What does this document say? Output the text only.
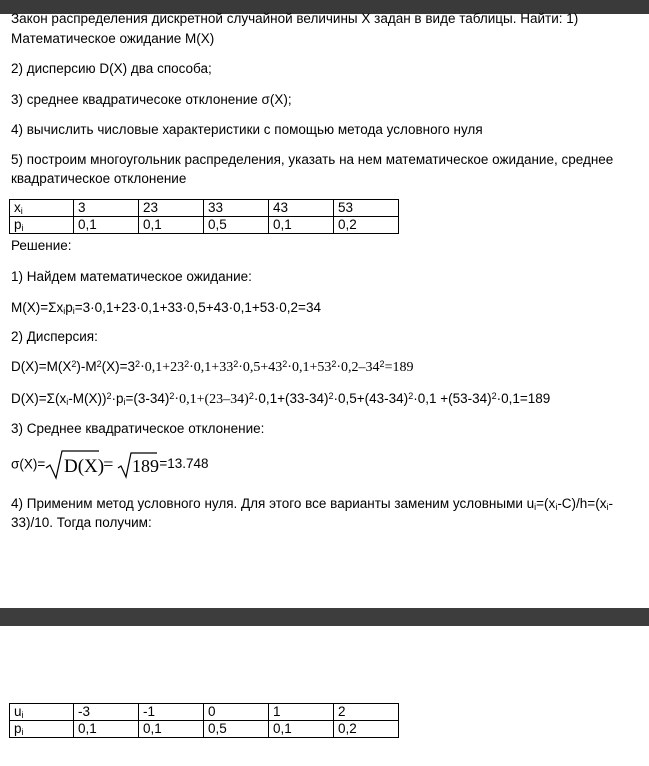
Закон распределения дискретной случайной величины X задан в виде таблицы. Найти: 1)
Математическое ожидание M(X)
2) дисперсию D(X) два способа;
3) среднее квадратичесоке отклонение σ(X);
4) вычислить числовые характеристики с помощью метода условного нуля
5) построим многоугольник распределения, указать на нем математическое ожидание, среднее
квадратическое отклонение
$x_i$	3	23	33	43	53
$p_i$	0,1	0,1	0,5	0,1	0,2
Решение:
1) Найдем математическое ожидание:
$M(X)=\Sigma x_ip_i=3\cdot 0,1+23\cdot 0,1+33\cdot 0,5+43\cdot 0,1+53\cdot 0,2=34$
2) Дисперсия:
$D(X)=M(X^2)-M^2(X)=3^2\cdot 0,1+23^2\cdot 0,1+33^2\cdot 0,5+43^2\cdot 0,1+53^2\cdot 0,2-34^2=189$
$D(X)=\Sigma(x_i-M(X))^2\cdot p_i=(3-34)^2\cdot 0,1+(23-34)^2\cdot 0,1+(33-34)^2\cdot 0,5+(43-34)^2\cdot 0,1 +(53-34)^2\cdot 0,1=189$
3) Среднее квадратическое отклонение:
σ(X)= D(X)
= 189 =13.748
4) Применим метод условного нуля. Для этого все варианты заменим условными $u_i=(x_i-C)/h=(x_i-$
33)/10. Тогда получим:
$u_i$	-3	-1	0	1	2
$p_i$	0,1	0,1	0,5	0,1	0,2
